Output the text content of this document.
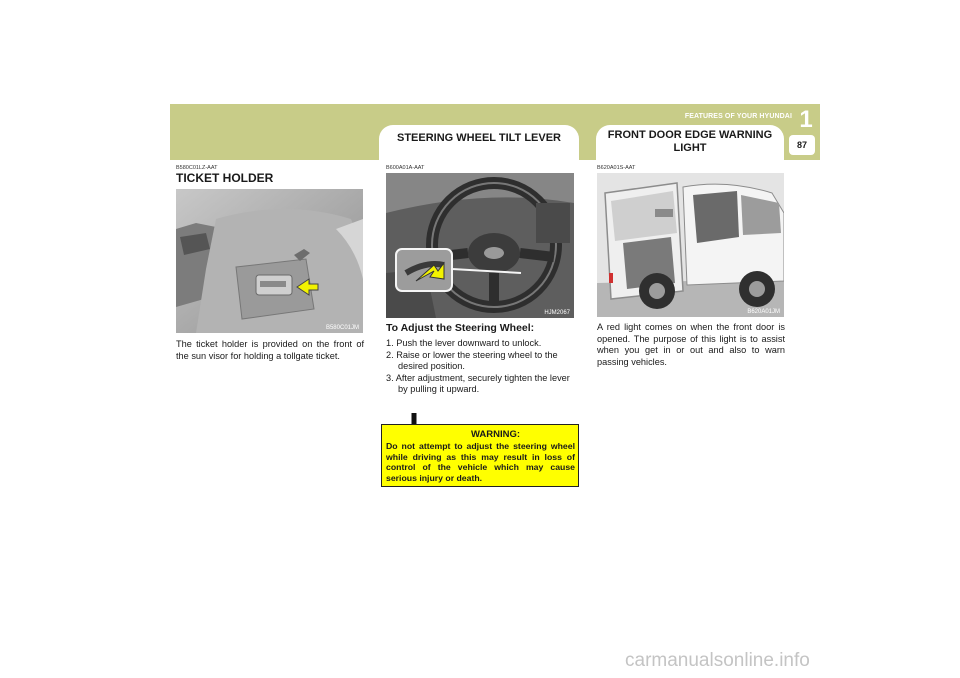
1
87
FEATURES OF YOUR HYUNDAI
STEERING WHEEL TILT LEVER	FRONT DOOR EDGE WARNING
LIGHT
B580C01LZ-AAT
TICKET HOLDER
B580C01JM
The ticket holder is provided on the front of the sun visor for holding a tollgate ticket.
B600A01A-AAT
HJM2067
To Adjust the Steering Wheel:
1. Push the lever downward to unlock.
2. Raise or lower the steering wheel to the desired position.
3. After adjustment, securely tighten the lever by pulling it upward.
WARNING:
Do not attempt to adjust the steering wheel while driving as this may result in loss of control of the vehicle which may cause serious injury or death.
B620A01S-AAT
B620A01JM
A red light comes on when the front door is opened. The purpose of this light is to assist when you get in or out and also to warn passing vehicles.
carmanualsonline.info
